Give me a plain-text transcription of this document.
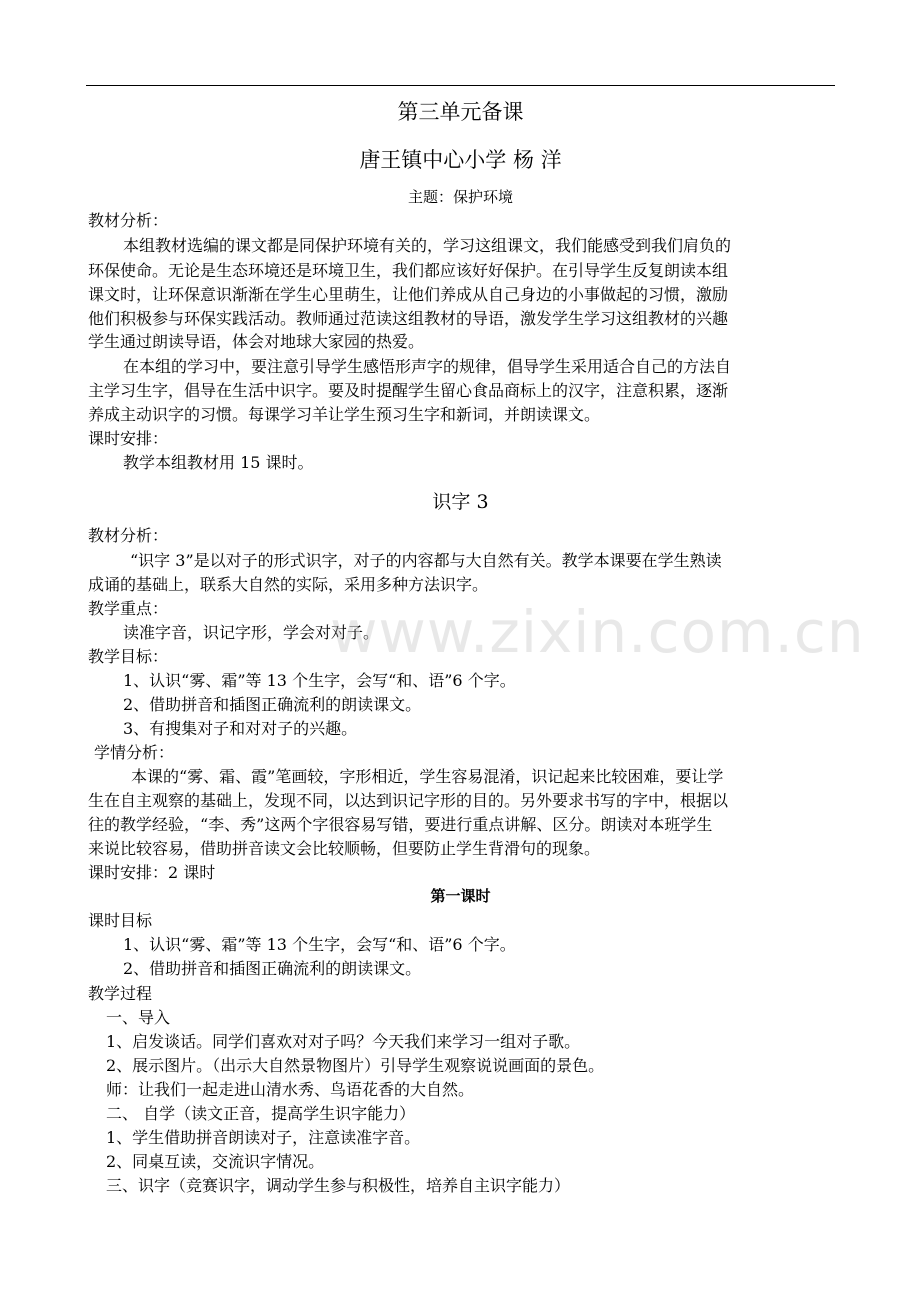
第三单元备课
唐王镇中心小学 杨 洋
主题：保护环境
教材分析：
本组教材选编的课文都是同保护环境有关的，学习这组课文，我们能感受到我们肩负的
环保使命。无论是生态环境还是环境卫生，我们都应该好好保护。在引导学生反复朗读本组
课文时，让环保意识渐渐在学生心里萌生，让他们养成从自己身边的小事做起的习惯，激励
他们积极参与环保实践活动。教师通过范读这组教材的导语，激发学生学习这组教材的兴趣
学生通过朗读导语，体会对地球大家园的热爱。
在本组的学习中，要注意引导学生感悟形声字的规律，倡导学生采用适合自己的方法自
主学习生字，倡导在生活中识字。要及时提醒学生留心食品商标上的汉字，注意积累，逐渐
养成主动识字的习惯。每课学习羊让学生预习生字和新词，并朗读课文。
课时安排：
教学本组教材用 15 课时。
识字 3
教材分析：
“识字 3”是以对子的形式识字，对子的内容都与大自然有关。教学本课要在学生熟读
成诵的基础上，联系大自然的实际，采用多种方法识字。
教学重点：
读准字音，识记字形，学会对对子。
教学目标：
1、认识“雾、霜”等 13 个生字，会写“和、语”6 个字。
2、借助拼音和插图正确流利的朗读课文。
3、有搜集对子和对对子的兴趣。
学情分析：
本课的“雾、霜、霞”笔画较，字形相近，学生容易混淆，识记起来比较困难，要让学
生在自主观察的基础上，发现不同，以达到识记字形的目的。另外要求书写的字中，根据以
往的教学经验，“李、秀”这两个字很容易写错，要进行重点讲解、区分。朗读对本班学生
来说比较容易，借助拼音读文会比较顺畅，但要防止学生背滑句的现象。
课时安排：2 课时
第一课时
课时目标
1、认识“雾、霜”等 13 个生字，会写“和、语”6 个字。
2、借助拼音和插图正确流利的朗读课文。
教学过程
一、导入
1、启发谈话。同学们喜欢对对子吗？今天我们来学习一组对子歌。
2、展示图片。（出示大自然景物图片）引导学生观察说说画面的景色。
师：让我们一起走进山清水秀、鸟语花香的大自然。
二、 自学（读文正音，提高学生识字能力）
1、学生借助拼音朗读对子，注意读准字音。
2、同桌互读，交流识字情况。
三、识字（竞赛识字，调动学生参与积极性，培养自主识字能力）
www.zixin.com.cn
